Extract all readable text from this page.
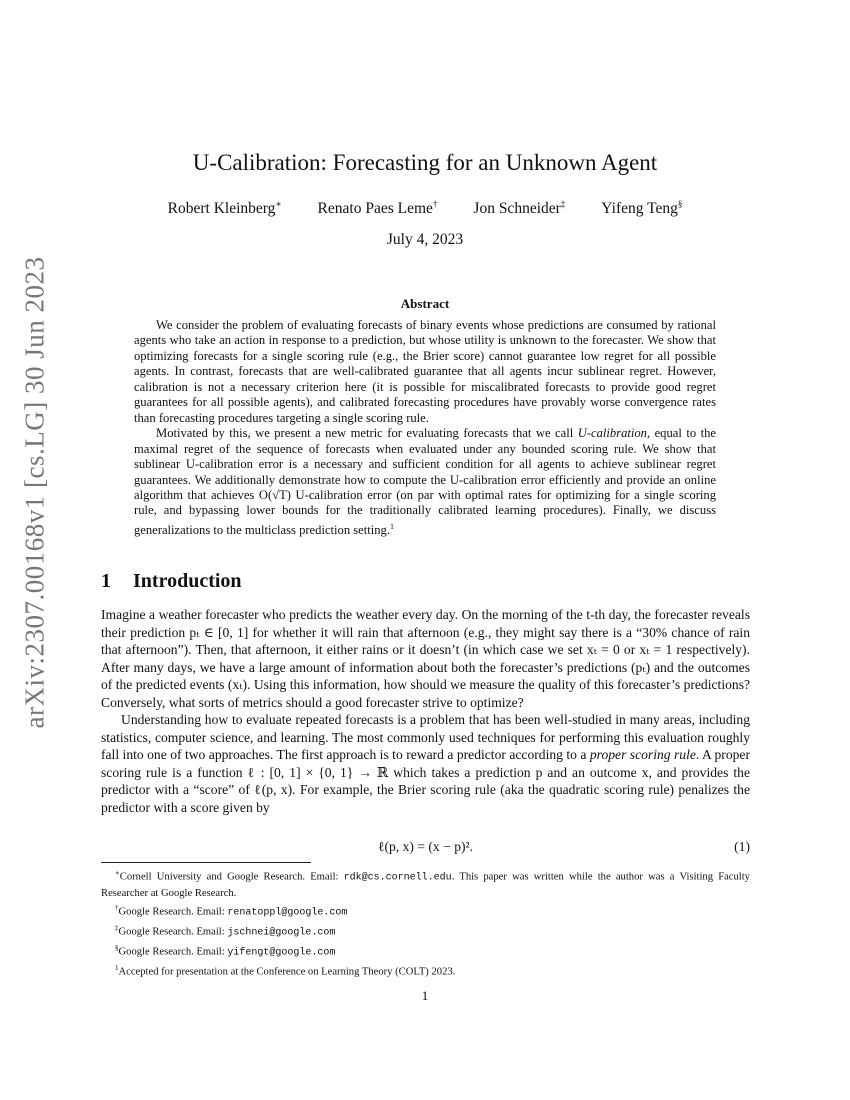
arXiv:2307.00168v1 [cs.LG] 30 Jun 2023
U-Calibration: Forecasting for an Unknown Agent
Robert Kleinberg∗ Renato Paes Leme† Jon Schneider‡ Yifeng Teng§
July 4, 2023
Abstract

We consider the problem of evaluating forecasts of binary events whose predictions are consumed by rational agents who take an action in response to a prediction, but whose utility is unknown to the forecaster. We show that optimizing forecasts for a single scoring rule (e.g., the Brier score) cannot guarantee low regret for all possible agents. In contrast, forecasts that are well-calibrated guarantee that all agents incur sublinear regret. However, calibration is not a necessary criterion here (it is possible for miscalibrated forecasts to provide good regret guarantees for all possible agents), and calibrated forecasting procedures have provably worse convergence rates than forecasting procedures targeting a single scoring rule.

Motivated by this, we present a new metric for evaluating forecasts that we call U-calibration, equal to the maximal regret of the sequence of forecasts when evaluated under any bounded scoring rule. We show that sublinear U-calibration error is a necessary and sufficient condition for all agents to achieve sublinear regret guarantees. We additionally demonstrate how to compute the U-calibration error efficiently and provide an online algorithm that achieves O(√T) U-calibration error (on par with optimal rates for optimizing for a single scoring rule, and bypassing lower bounds for the traditionally calibrated learning procedures). Finally, we discuss generalizations to the multiclass prediction setting.$^1$

1 Introduction

Imagine a weather forecaster who predicts the weather every day. On the morning of the t-th day, the forecaster reveals their prediction pₜ ∈ [0, 1] for whether it will rain that afternoon (e.g., they might say there is a “30% chance of rain that afternoon”). Then, that afternoon, it either rains or it doesn’t (in which case we set xₜ = 0 or xₜ = 1 respectively). After many days, we have a large amount of information about both the forecaster’s predictions (pₜ) and the outcomes of the predicted events (xₜ). Using this information, how should we measure the quality of this forecaster’s predictions? Conversely, what sorts of metrics should a good forecaster strive to optimize?

Understanding how to evaluate repeated forecasts is a problem that has been well-studied in many areas, including statistics, computer science, and learning. The most commonly used techniques for performing this evaluation roughly fall into one of two approaches. The first approach is to reward a predictor according to a proper scoring rule. A proper scoring rule is a function ℓ : [0, 1] × {0, 1} → ℝ which takes a prediction p and an outcome x, and provides the predictor with a “score” of ℓ(p, x). For example, the Brier scoring rule (aka the quadratic scoring rule) penalizes the predictor with a score given by

ℓ(p, x) = (x − p)².	(1)

∗Cornell University and Google Research. Email: rdk@cs.cornell.edu. This paper was written while the author was a Visiting Faculty Researcher at Google Research.

†Google Research. Email: renatoppl@google.com

‡Google Research. Email: jschnei@google.com

§Google Research. Email: yifengt@google.com

$^1$Accepted for presentation at the Conference on Learning Theory (COLT) 2023.

1
